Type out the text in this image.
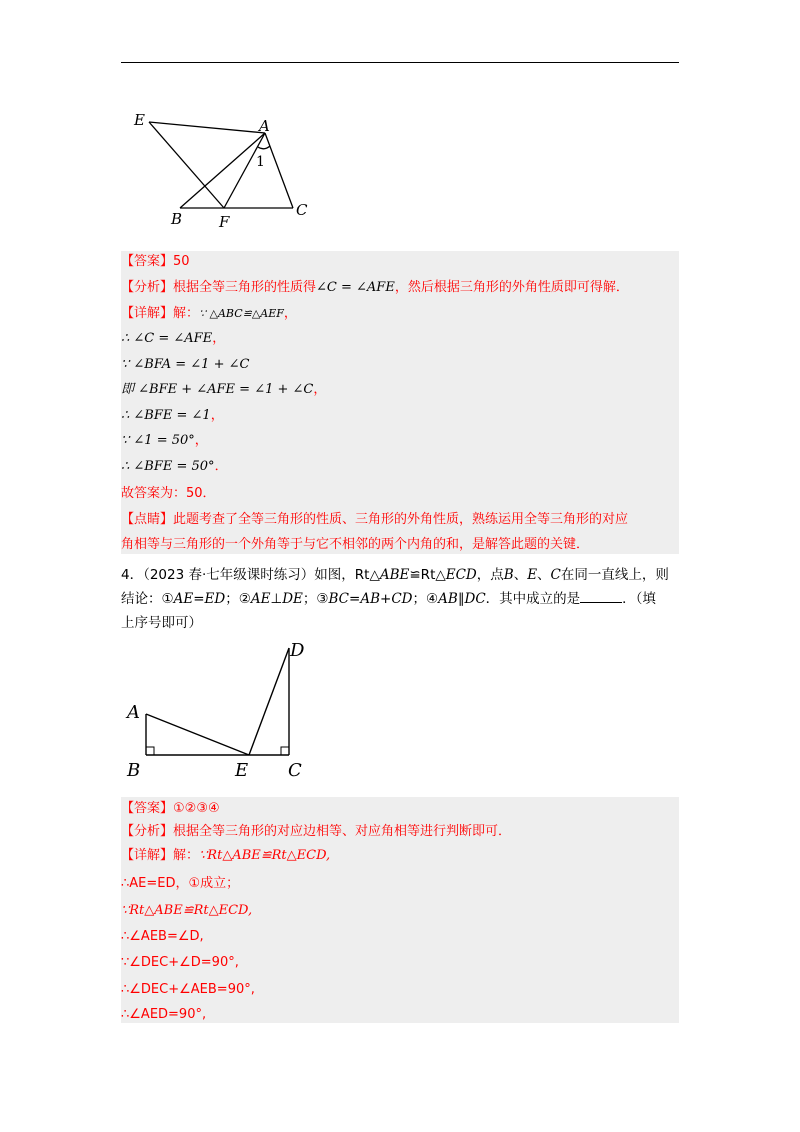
E	A
1
B F
C
【答案】50
【分析】根据全等三角形的性质得∠C = ∠AFE，然后根据三角形的外角性质即可得解．
【详解】解：∵ △ABC≌△AEF，
∴ ∠C = ∠AFE，
∵ ∠BFA = ∠1 + ∠C
即 ∠BFE + ∠AFE = ∠1 + ∠C，
∴ ∠BFE = ∠1，
∵ ∠1 = 50°，
∴ ∠BFE = 50°．
故答案为：50．
【点睛】此题考查了全等三角形的性质、三角形的外角性质，熟练运用全等三角形的对应
角相等与三角形的一个外角等于与它不相邻的两个内角的和，是解答此题的关键．
4．（2023 春·七年级课时练习）如图，Rt△ABE≌Rt△ECD，点B、E、C在同一直线上，则
结论：①AE=ED；②AE⊥DE；③BC=AB+CD；④AB∥DC．其中成立的是	．（填
上序号即可）
D
A
B	E C
【答案】①②③④
【分析】根据全等三角形的对应边相等、对应角相等进行判断即可．
【详解】解：∵Rt△ABE≌Rt△ECD,
∴AE=ED，①成立；
∵Rt△ABE≌Rt△ECD,
∴∠AEB=∠D,
∵∠DEC+∠D=90°,
∴∠DEC+∠AEB=90°,
∴∠AED=90°,
